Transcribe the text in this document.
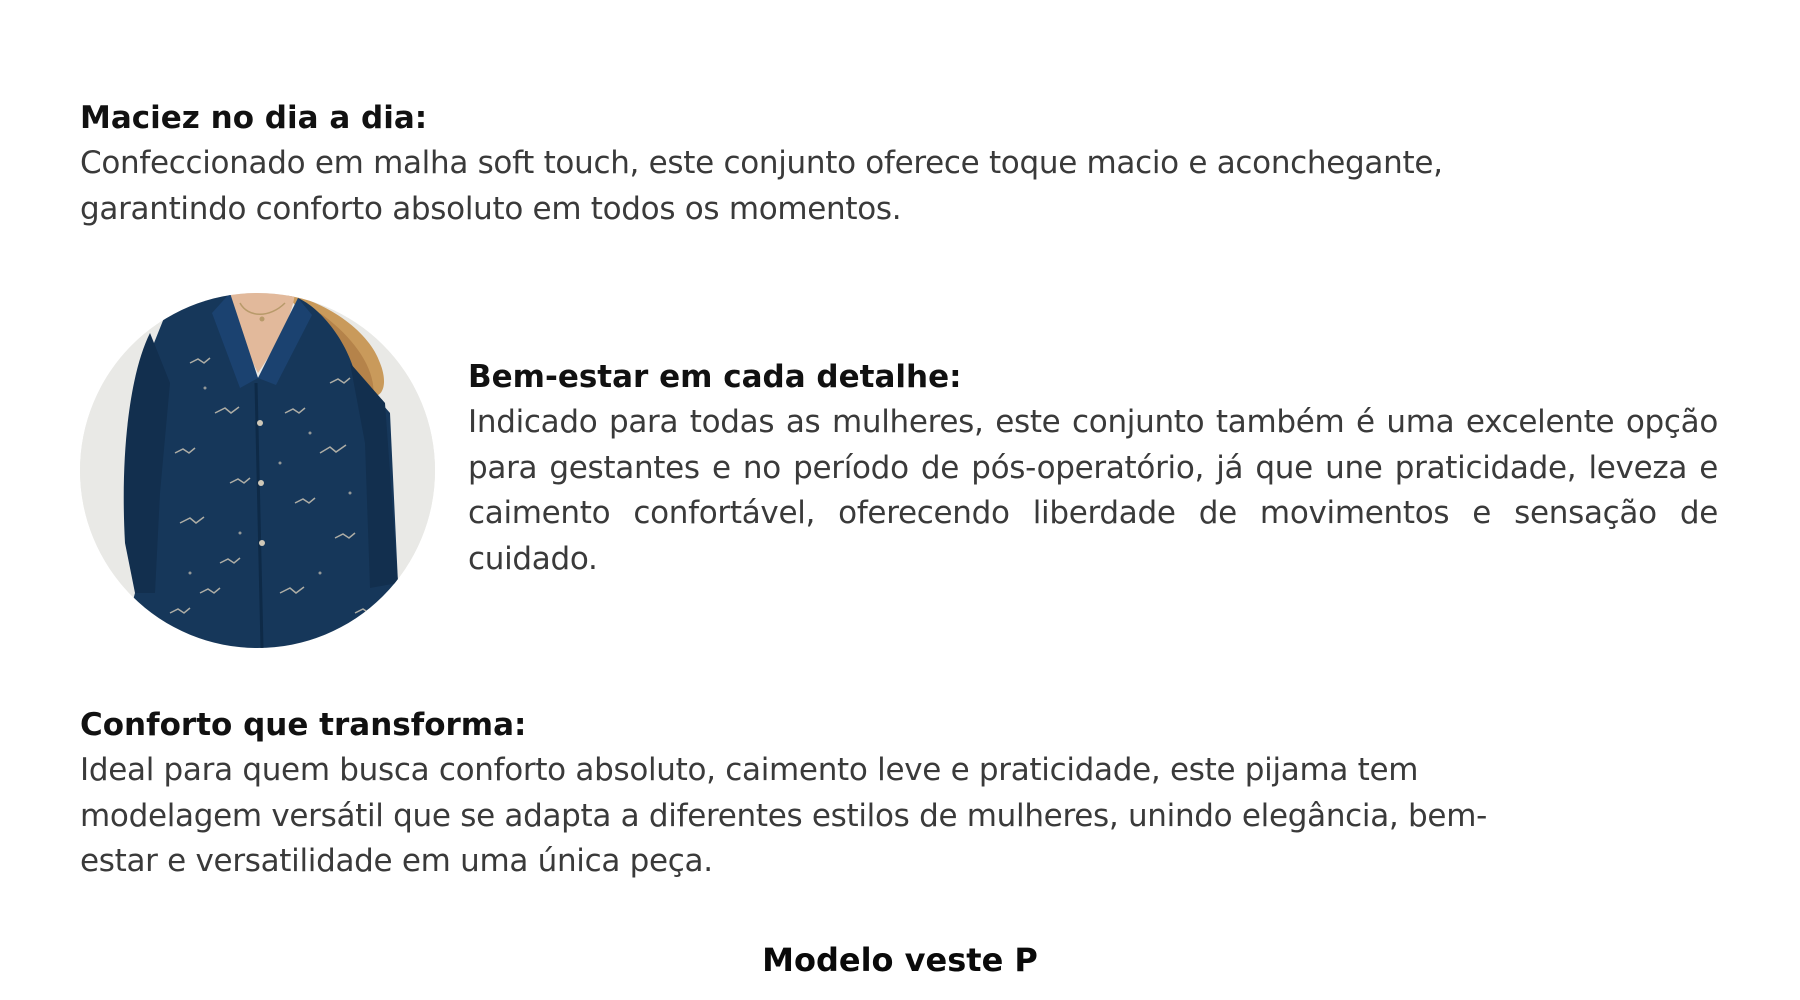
Maciez no dia a dia:

Confeccionado em malha soft touch, este conjunto oferece toque macio e aconchegante,

garantindo conforto absoluto em todos os momentos.

Bem-estar em cada detalhe:

Indicado para todas as mulheres, este conjunto também é uma excelente opção para gestantes e no período de pós-operatório, já que une praticidade, leveza e caimento confortável, oferecendo liberdade de movimentos e sensação de cuidado.

Conforto que transforma:

Ideal para quem busca conforto absoluto, caimento leve e praticidade, este pijama tem

modelagem versátil que se adapta a diferentes estilos de mulheres, unindo elegância, bem-

estar e versatilidade em uma única peça.

Modelo veste P
